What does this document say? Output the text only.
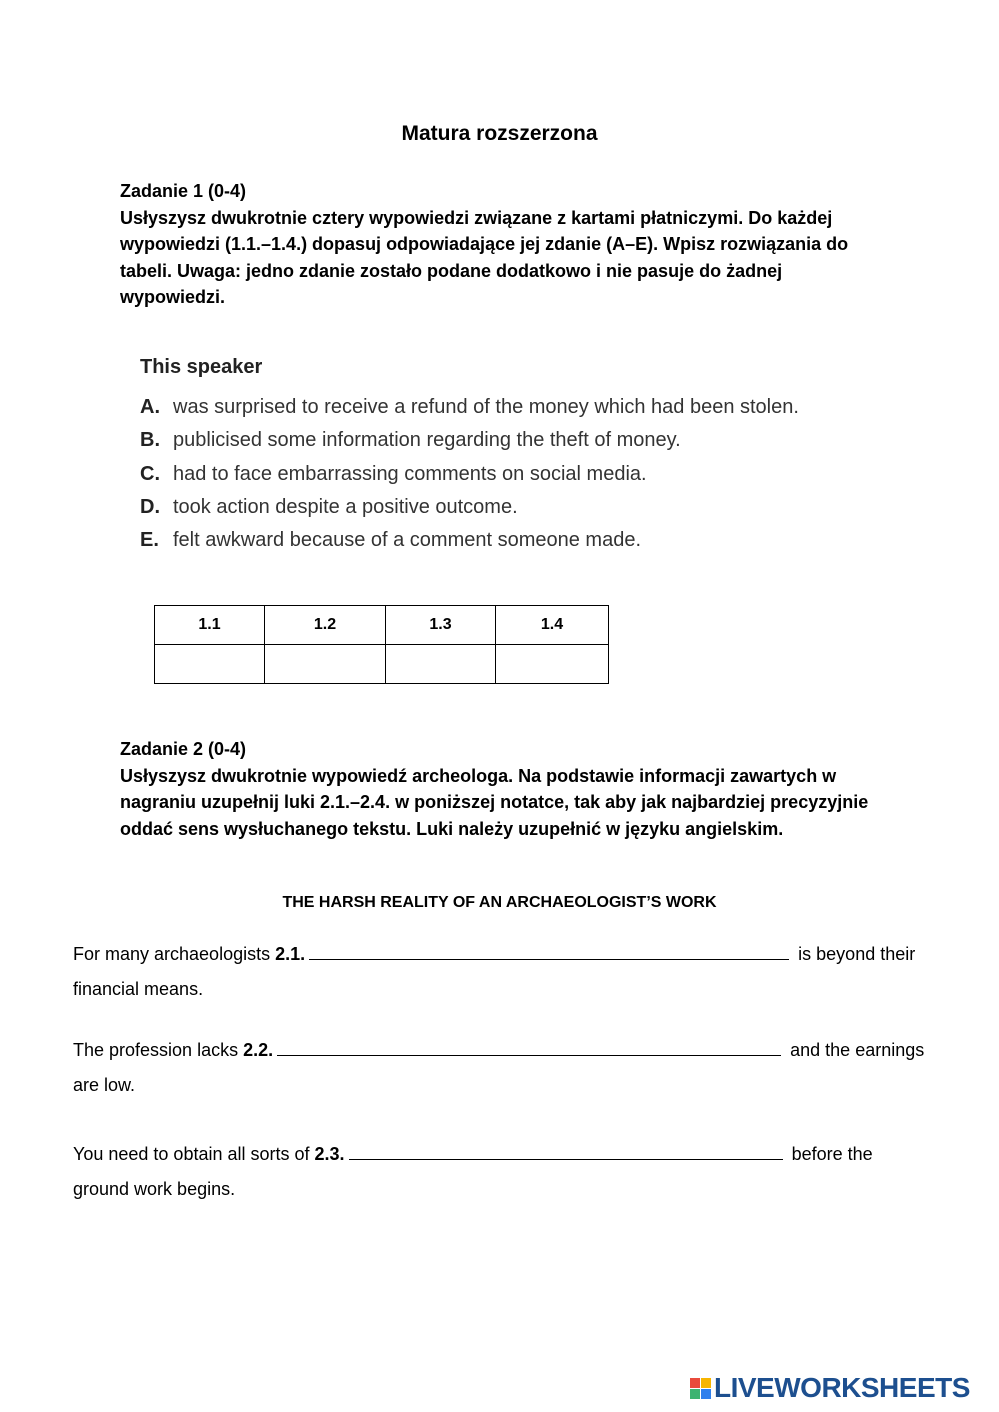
Matura rozszerzona
Zadanie 1 (0-4)
Usłyszysz dwukrotnie cztery wypowiedzi związane z kartami płatniczymi. Do każdej wypowiedzi (1.1.–1.4.) dopasuj odpowiadające jej zdanie (A–E). Wpisz rozwiązania do tabeli. Uwaga: jedno zdanie zostało podane dodatkowo i nie pasuje do żadnej wypowiedzi.
This speaker
A. was surprised to receive a refund of the money which had been stolen.
B. publicised some information regarding the theft of money.
C. had to face embarrassing comments on social media.
D. took action despite a positive outcome.
E. felt awkward because of a comment someone made.
1.1	1.2	1.3	1.4

Zadanie 2 (0-4)
Usłyszysz dwukrotnie wypowiedź archeologa. Na podstawie informacji zawartych w nagraniu uzupełnij luki 2.1.–2.4. w poniższej notatce, tak aby jak najbardziej precyzyjnie oddać sens wysłuchanego tekstu. Luki należy uzupełnić w języku angielskim.
THE HARSH REALITY OF AN ARCHAEOLOGIST’S WORK
For many archaeologists 2.1.	is beyond their financial means.
The profession lacks 2.2.	and the earnings are low.
You need to obtain all sorts of 2.3.	before the ground work begins.
LIVEWORKSHEETS
